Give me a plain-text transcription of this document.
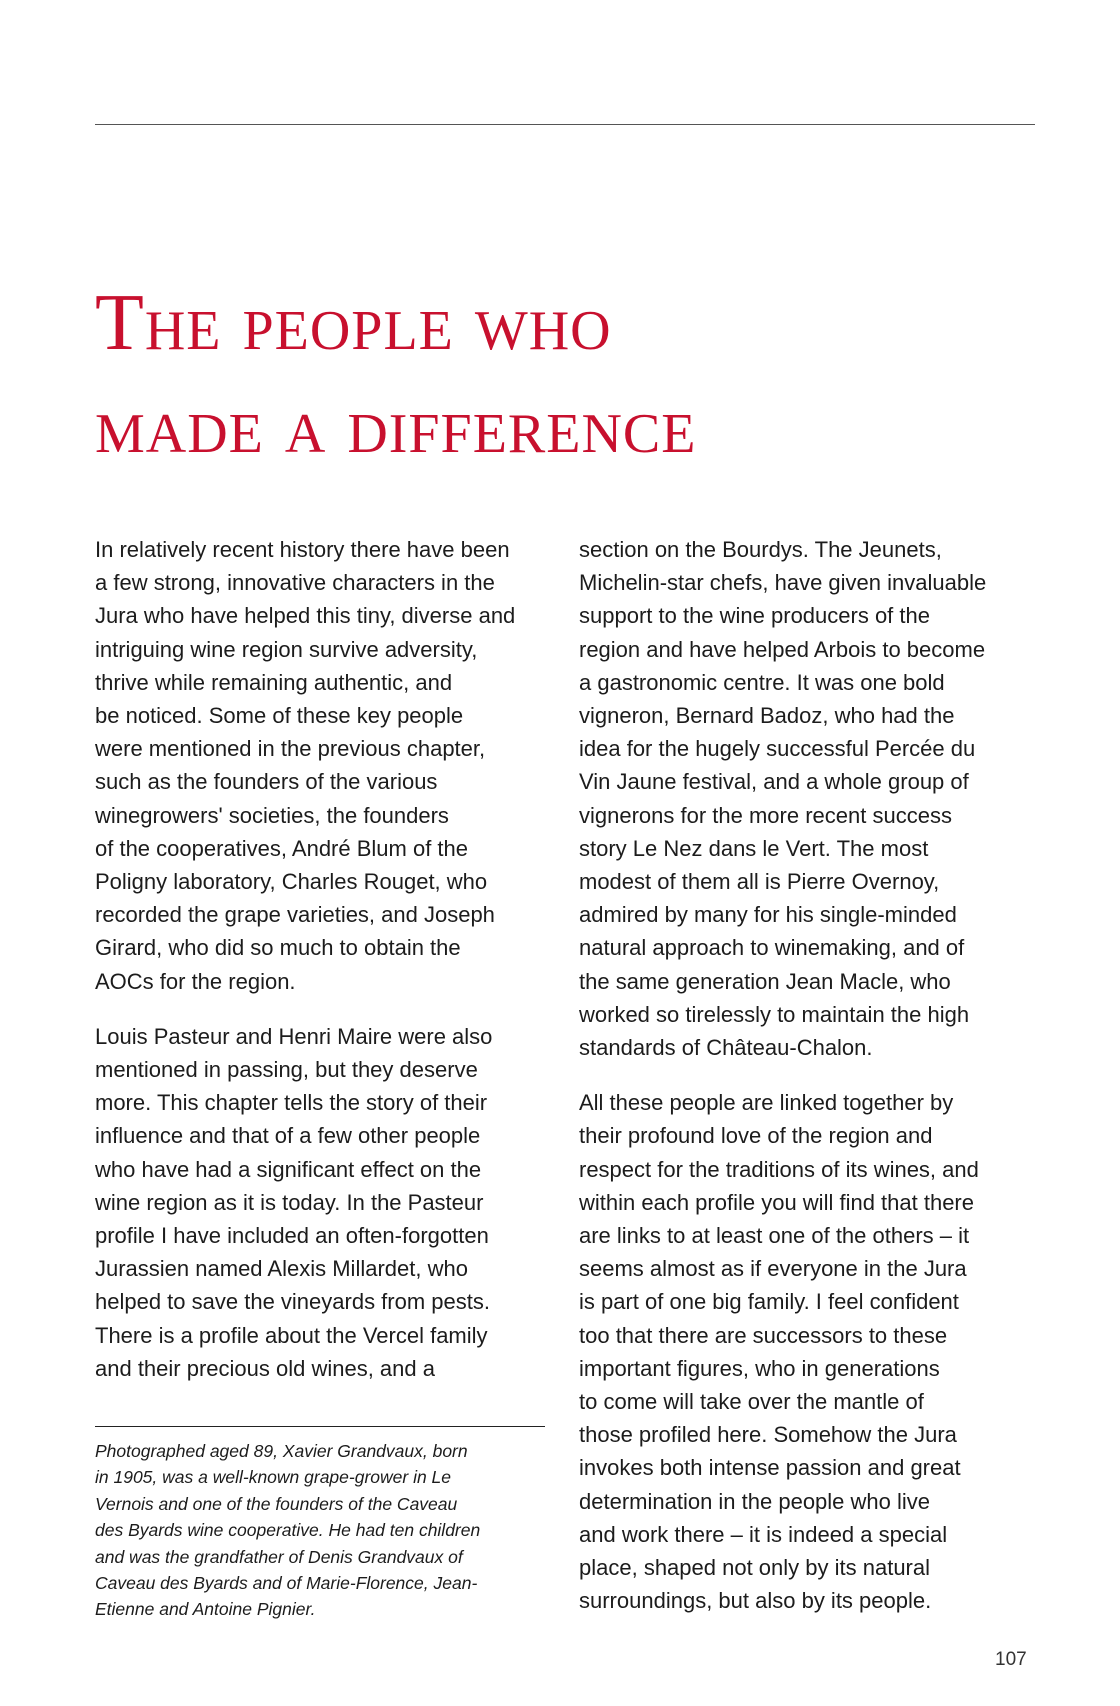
The people who
made a difference
In relatively recent history there have been
a few strong, innovative characters in the
Jura who have helped this tiny, diverse and
intriguing wine region survive adversity,
thrive while remaining authentic, and
be noticed. Some of these key people
were mentioned in the previous chapter,
such as the founders of the various
winegrowers' societies, the founders
of the cooperatives, André Blum of the
Poligny laboratory, Charles Rouget, who
recorded the grape varieties, and Joseph
Girard, who did so much to obtain the
AOCs for the region.
Louis Pasteur and Henri Maire were also
mentioned in passing, but they deserve
more. This chapter tells the story of their
influence and that of a few other people
who have had a significant effect on the
wine region as it is today. In the Pasteur
profile I have included an often-forgotten
Jurassien named Alexis Millardet, who
helped to save the vineyards from pests.
There is a profile about the Vercel family
and their precious old wines, and a
section on the Bourdys. The Jeunets,
Michelin-star chefs, have given invaluable
support to the wine producers of the
region and have helped Arbois to become
a gastronomic centre. It was one bold
vigneron, Bernard Badoz, who had the
idea for the hugely successful Percée du
Vin Jaune festival, and a whole group of
vignerons for the more recent success
story Le Nez dans le Vert. The most
modest of them all is Pierre Overnoy,
admired by many for his single-minded
natural approach to winemaking, and of
the same generation Jean Macle, who
worked so tirelessly to maintain the high
standards of Château-Chalon.
All these people are linked together by
their profound love of the region and
respect for the traditions of its wines, and
within each profile you will find that there
are links to at least one of the others – it
seems almost as if everyone in the Jura
is part of one big family. I feel confident
too that there are successors to these
important figures, who in generations
to come will take over the mantle of
those profiled here. Somehow the Jura
invokes both intense passion and great
determination in the people who live
and work there – it is indeed a special
place, shaped not only by its natural
surroundings, but also by its people.
Photographed aged 89, Xavier Grandvaux, born
in 1905, was a well-known grape-grower in Le
Vernois and one of the founders of the Caveau
des Byards wine cooperative. He had ten children
and was the grandfather of Denis Grandvaux of
Caveau des Byards and of Marie-Florence, Jean-
Etienne and Antoine Pignier.
107
